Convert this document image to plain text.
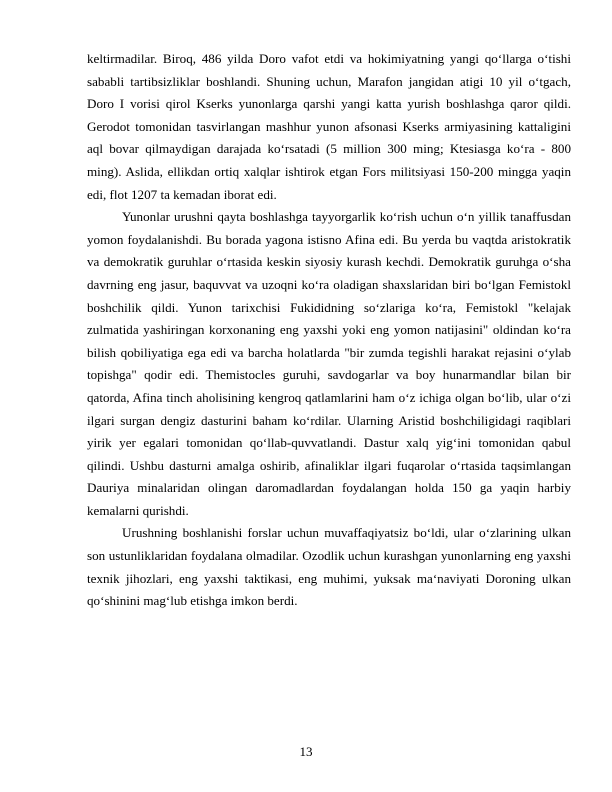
keltirmadilar. Biroq, 486 yilda Doro vafot etdi va hokimiyatning yangi qo‘llarga o‘tishi sababli tartibsizliklar boshlandi. Shuning uchun, Marafon jangidan atigi 10 yil o‘tgach, Doro I vorisi qirol Kserks yunonlarga qarshi yangi katta yurish boshlashga qaror qildi. Gerodot tomonidan tasvirlangan mashhur yunon afsonasi Kserks armiyasining kattaligini aql bovar qilmaydigan darajada ko‘rsatadi (5 million 300 ming; Ktesiasga ko‘ra - 800 ming). Aslida, ellikdan ortiq xalqlar ishtirok etgan Fors militsiyasi 150-200 mingga yaqin edi, flot 1207 ta kemadan iborat edi.

Yunonlar urushni qayta boshlashga tayyorgarlik ko‘rish uchun o‘n yillik tanaffusdan yomon foydalanishdi. Bu borada yagona istisno Afina edi. Bu yerda bu vaqtda aristokratik va demokratik guruhlar o‘rtasida keskin siyosiy kurash kechdi. Demokratik guruhga o‘sha davrning eng jasur, baquvvat va uzoqni ko‘ra oladigan shaxslaridan biri bo‘lgan Femistokl boshchilik qildi. Yunon tarixchisi Fukididning so‘zlariga ko‘ra, Femistokl "kelajak zulmatida yashiringan korxonaning eng yaxshi yoki eng yomon natijasini" oldindan ko‘ra bilish qobiliyatiga ega edi va barcha holatlarda "bir zumda tegishli harakat rejasini o‘ylab topishga" qodir edi. Themistocles guruhi, savdogarlar va boy hunarmandlar bilan bir qatorda, Afina tinch aholisining kengroq qatlamlarini ham o‘z ichiga olgan bo‘lib, ular o‘zi ilgari surgan dengiz dasturini baham ko‘rdilar. Ularning Aristid boshchiligidagi raqiblari yirik yer egalari tomonidan qo‘llab-quvvatlandi. Dastur xalq yig‘ini tomonidan qabul qilindi. Ushbu dasturni amalga oshirib, afinaliklar ilgari fuqarolar o‘rtasida taqsimlangan Dauriya minalaridan olingan daromadlardan foydalangan holda 150 ga yaqin harbiy kemalarni qurishdi.

Urushning boshlanishi forslar uchun muvaffaqiyatsiz bo‘ldi, ular o‘zlarining ulkan son ustunliklaridan foydalana olmadilar. Ozodlik uchun kurashgan yunonlarning eng yaxshi texnik jihozlari, eng yaxshi taktikasi, eng muhimi, yuksak ma‘naviyati Doroning ulkan qo‘shinini mag‘lub etishga imkon berdi.

13
